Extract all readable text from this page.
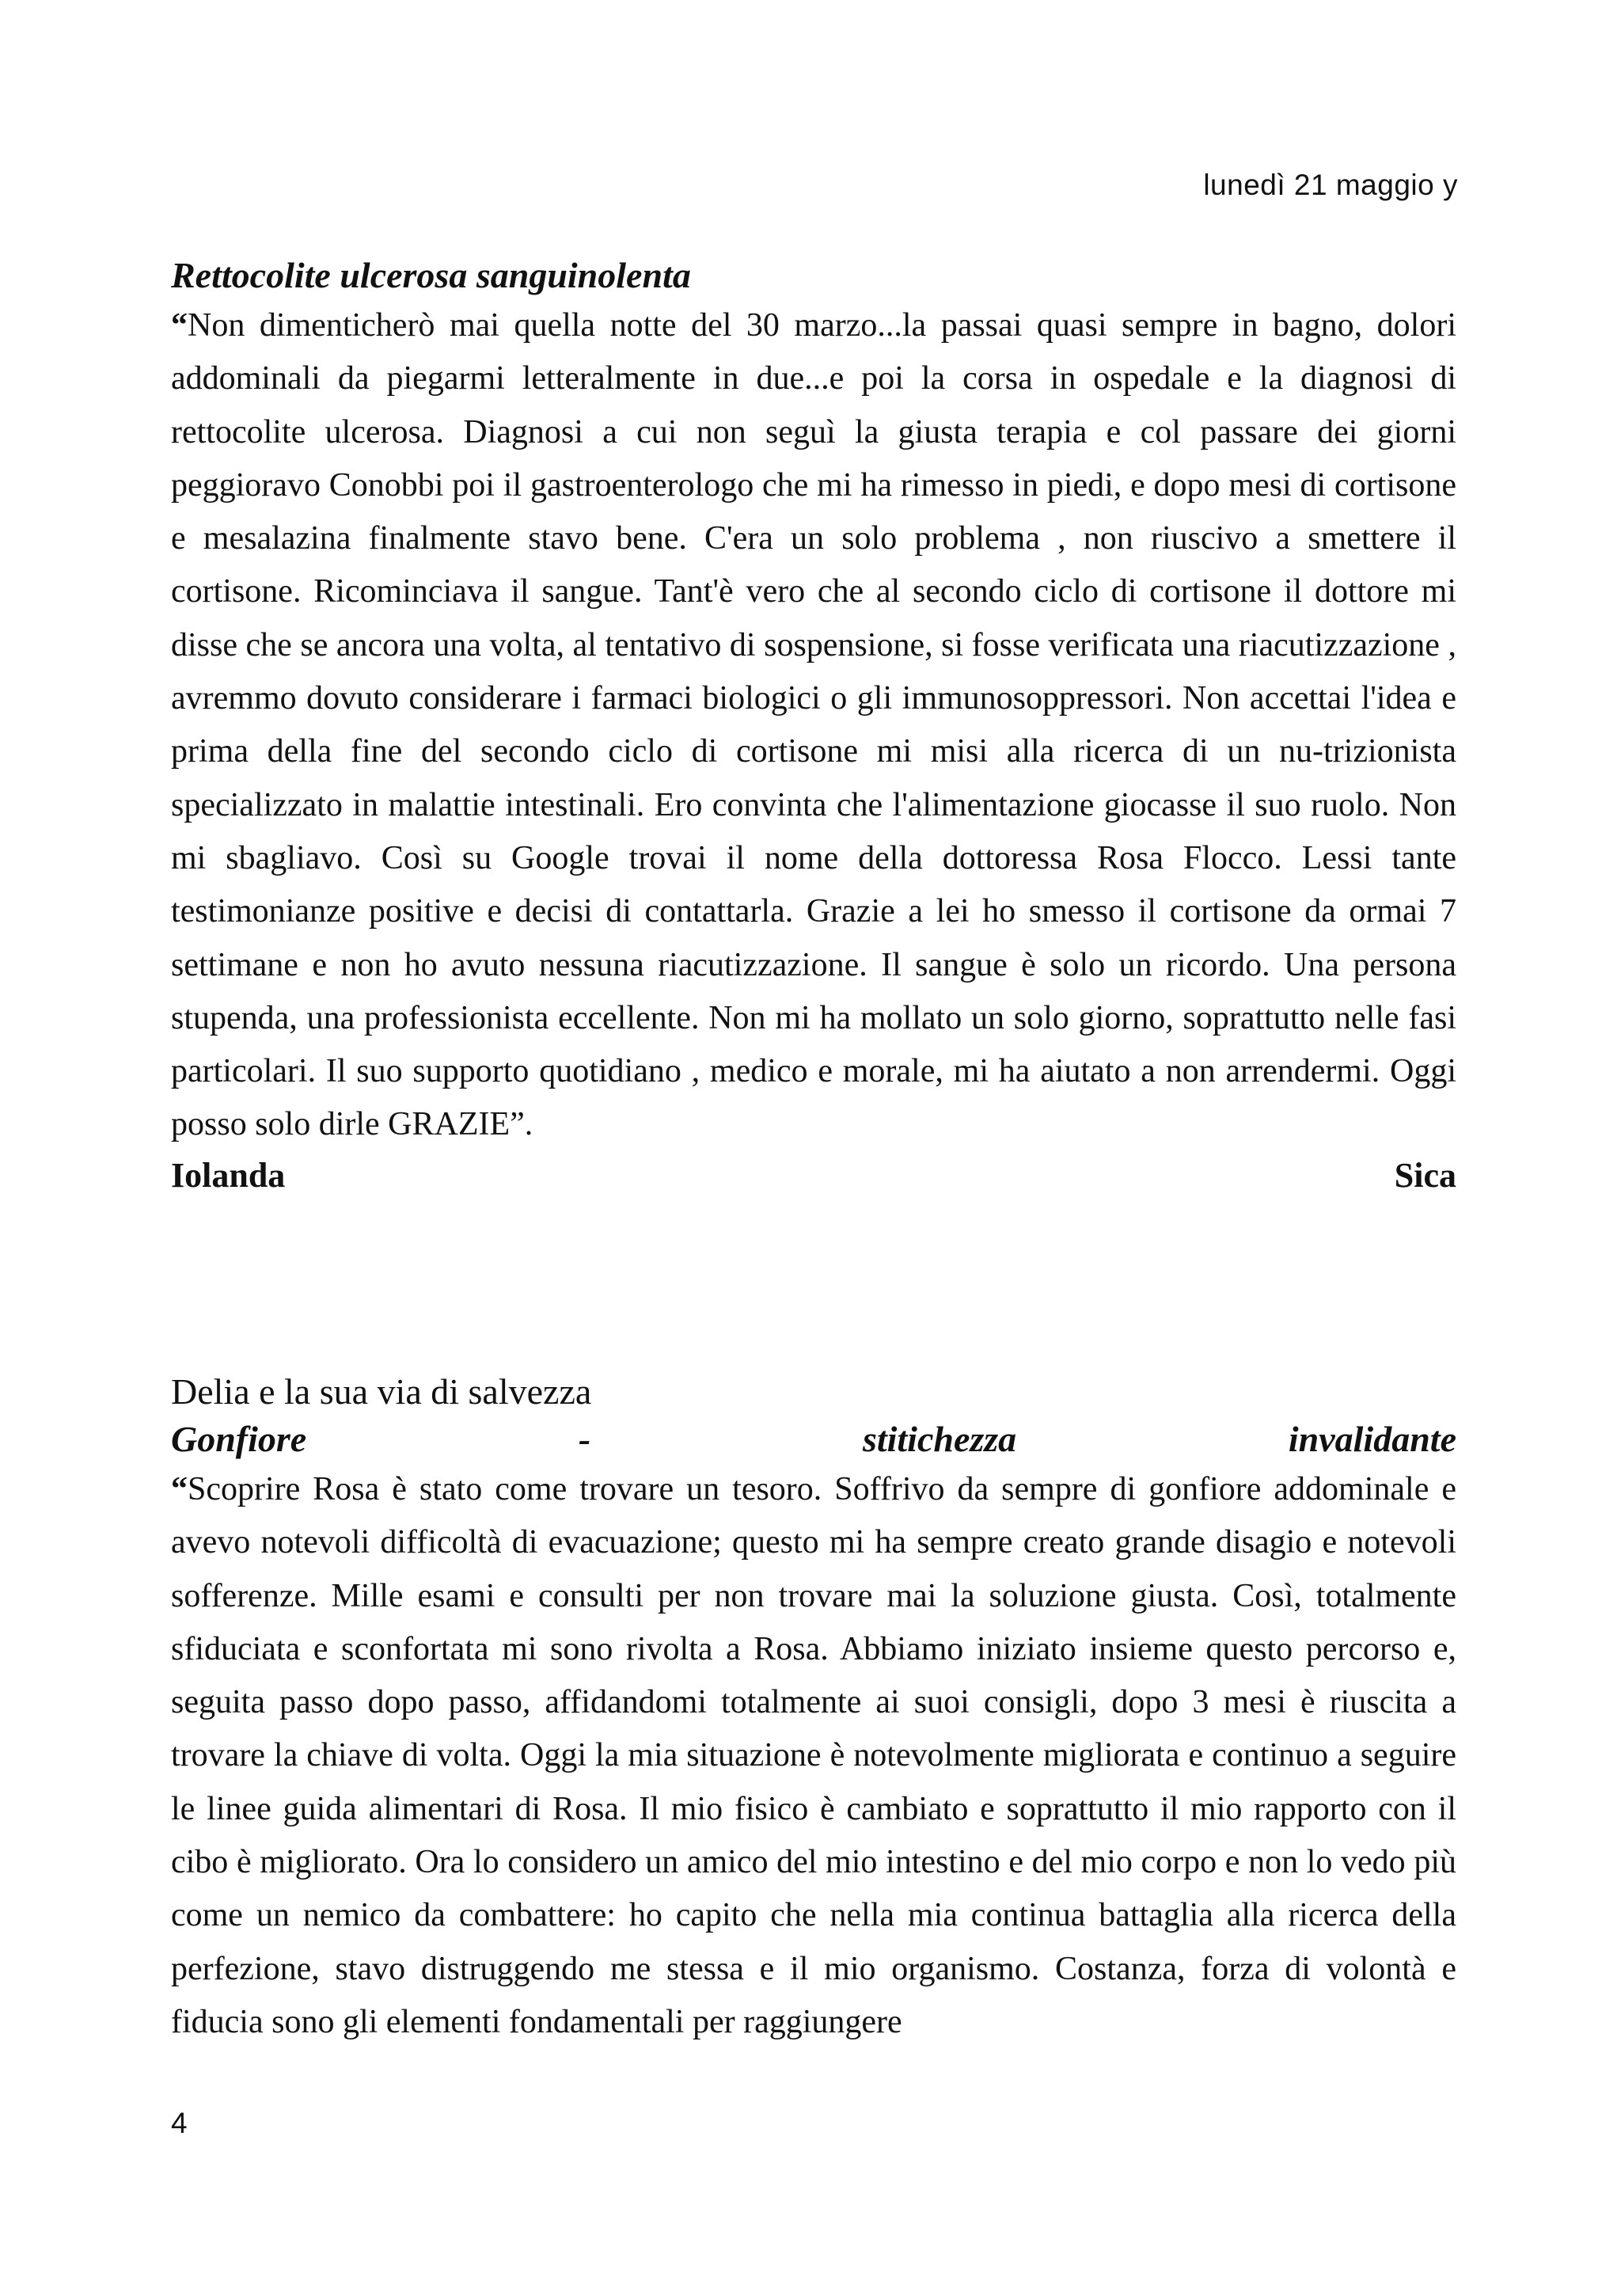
lunedì 21 maggio y
Rettocolite ulcerosa sanguinolenta

“Non dimenticherò mai quella notte del 30 marzo...la passai quasi sempre in bagno, dolori addominali da piegarmi letteralmente in due...e poi la corsa in ospedale e la diagnosi di rettocolite ulcerosa. Diagnosi a cui non seguì la giusta terapia e col passare dei giorni peggioravo Conobbi poi il gastroenterologo che mi ha rimesso in piedi, e dopo mesi di cortisone e mesalazina finalmente stavo bene. C'era un solo problema , non riuscivo a smettere il cortisone. Ricominciava il sangue. Tant'è vero che al secondo ciclo di cortisone il dottore mi disse che se ancora una volta, al tentativo di sospensione, si fosse verificata una riacutizzazione , avremmo dovuto considerare i farmaci biologici o gli immunosoppressori. Non accettai l'idea e prima della fine del secondo ciclo di cortisone mi misi alla ricerca di un nu-trizionista specializzato in malattie intestinali. Ero convinta che l'alimentazione giocasse il suo ruolo. Non mi sbagliavo. Così su Google trovai il nome della dottoressa Rosa Flocco. Lessi tante testimonianze positive e decisi di contattarla. Grazie a lei ho smesso il cortisone da ormai 7 settimane e non ho avuto nessuna riacutizzazione. Il sangue è solo un ricordo. Una persona stupenda, una professionista eccellente. Non mi ha mollato un solo giorno, soprattutto nelle fasi particolari. Il suo supporto quotidiano , medico e morale, mi ha aiutato a non arrendermi. Oggi posso solo dirle GRAZIE”.

Iolanda	Sica
Delia e la sua via di salvezza
Gonfiore	-	stitichezza	invalidante

“Scoprire Rosa è stato come trovare un tesoro. Soffrivo da sempre di gonfiore addominale e avevo notevoli difficoltà di evacuazione; questo mi ha sempre creato grande disagio e notevoli sofferenze. Mille esami e consulti per non trovare mai la soluzione giusta. Così, totalmente sfiduciata e sconfortata mi sono rivolta a Rosa. Abbiamo iniziato insieme questo percorso e, seguita passo dopo passo, affidandomi totalmente ai suoi consigli, dopo 3 mesi è riuscita a trovare la chiave di volta. Oggi la mia situazione è notevolmente migliorata e continuo a seguire le linee guida alimentari di Rosa. Il mio fisico è cambiato e soprattutto il mio rapporto con il cibo è migliorato. Ora lo considero un amico del mio intestino e del mio corpo e non lo vedo più come un nemico da combattere: ho capito che nella mia continua battaglia alla ricerca della perfezione, stavo distruggendo me stessa e il mio organismo. Costanza, forza di volontà e fiducia sono gli elementi fondamentali per raggiungere

4
